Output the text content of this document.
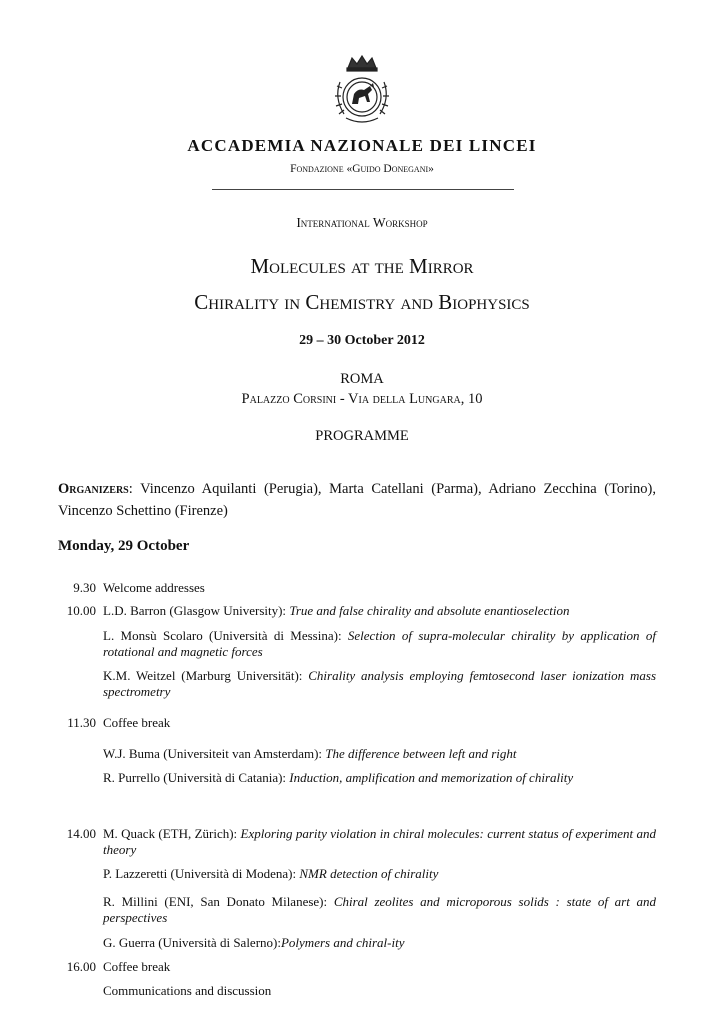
ACCADEMIA NAZIONALE DEI LINCEI
Fondazione «Guido Donegani»
International Workshop
Molecules at the Mirror
Chirality in Chemistry and Biophysics
29 – 30 October 2012
ROMA
Palazzo Corsini - Via della Lungara, 10
PROGRAMME
Organizers: Vincenzo Aquilanti (Perugia), Marta Catellani (Parma), Adriano Zecchina (Torino), Vincenzo Schettino (Firenze)
Monday, 29 October
9.30 Welcome addresses
10.00 L.D. Barron (Glasgow University): True and false chirality and absolute enantioselection
L. Monsù Scolaro (Università di Messina): Selection of supra-molecular chirality by application of rotational and magnetic forces
K.M. Weitzel (Marburg Universität): Chirality analysis employing femtosecond laser ionization mass spectrometry
11.30 Coffee break
W.J. Buma (Universiteit van Amsterdam): The difference between left and right
R. Purrello (Università di Catania): Induction, amplification and memorization of chirality
14.00 M. Quack (ETH, Zürich): Exploring parity violation in chiral molecules: current status of experiment and theory
P. Lazzeretti (Università di Modena): NMR detection of chirality
R. Millini (ENI, San Donato Milanese): Chiral zeolites and microporous solids : state of art and perspectives
G. Guerra (Università di Salerno):Polymers and chiral-ity
16.00 Coffee break
Communications and discussion
